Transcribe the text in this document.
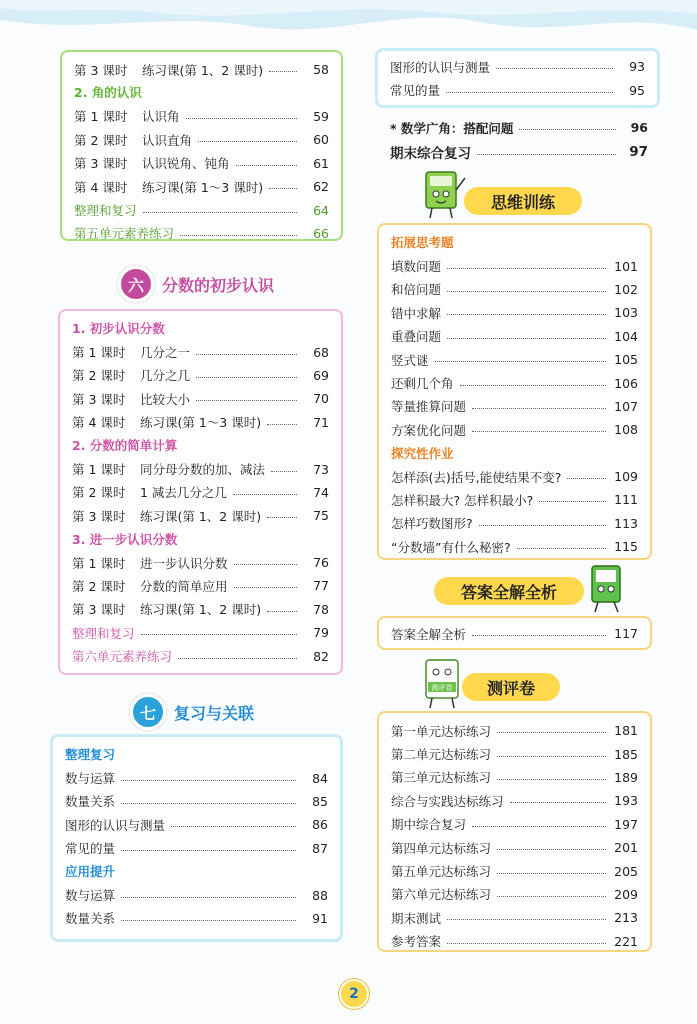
第 3 课时	练习课(第 1、2 课时)	58
2. 角的认识
第 1 课时	认识角	59
第 2 课时	认识直角	60
第 3 课时	认识锐角、钝角	61
第 4 课时	练习课(第 1～3 课时)	62
整理和复习	64
第五单元素养练习	66
六	分数的初步认识
1. 初步认识分数
第 1 课时	几分之一	68
第 2 课时	几分之几	69
第 3 课时	比较大小	70
第 4 课时	练习课(第 1～3 课时)	71
2. 分数的简单计算
第 1 课时	同分母分数的加、减法	73
第 2 课时	1 减去几分之几	74
第 3 课时	练习课(第 1、2 课时)	75
3. 进一步认识分数
第 1 课时	进一步认识分数	76
第 2 课时	分数的简单应用	77
第 3 课时	练习课(第 1、2 课时)	78
整理和复习	79
第六单元素养练习	82
七	复习与关联
整理复习
数与运算	84
数量关系	85
图形的认识与测量	86
常见的量	87
应用提升
数与运算	88
数量关系	91
图形的认识与测量	93
常见的量	95
* 数学广角：搭配问题	96
期末综合复习	97
思维训练
拓展思考题
填数问题	101
和倍问题	102
错中求解	103
重叠问题	104
竖式谜	105
还剩几个角	106
等量推算问题	107
方案优化问题	108
探究性作业
怎样添(去)括号,能使结果不变?	109
怎样积最大? 怎样积最小?	111
怎样巧数图形?	113
“分数墙”有什么秘密?	115
答案全解全析
答案全解全析	117
测评卷	测评卷
第一单元达标练习	181
第二单元达标练习	185
第三单元达标练习	189
综合与实践达标练习	193
期中综合复习	197
第四单元达标练习	201
第五单元达标练习	205
第六单元达标练习	209
期末测试	213
参考答案	221
2
